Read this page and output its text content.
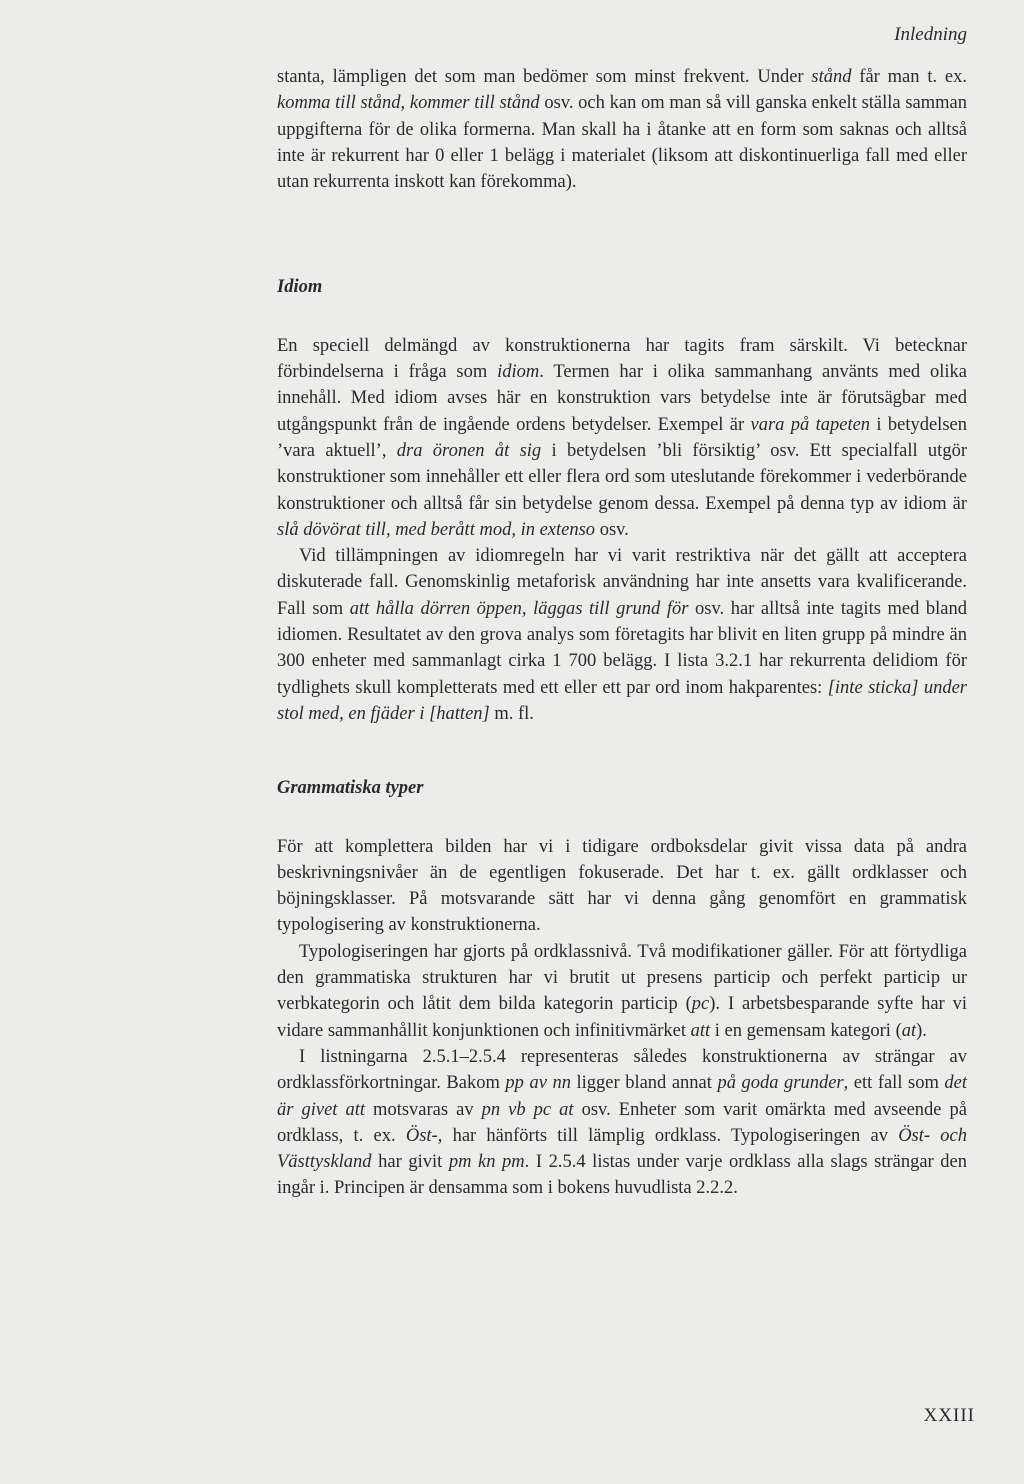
Inledning

stanta, lämpligen det som man bedömer som minst frekvent. Under stånd får man t. ex. komma till stånd, kommer till stånd osv. och kan om man så vill ganska enkelt ställa samman uppgifterna för de olika formerna. Man skall ha i åtanke att en form som saknas och alltså inte är rekurrent har 0 eller 1 belägg i materialet (liksom att diskontinuerliga fall med eller utan rekurrenta inskott kan förekomma).

Idiom

En speciell delmängd av konstruktionerna har tagits fram särskilt. Vi betecknar förbindelserna i fråga som idiom. Termen har i olika sammanhang använts med olika innehåll. Med idiom avses här en konstruktion vars betydelse inte är förutsägbar med utgångspunkt från de ingående ordens betydelser. Exempel är vara på tapeten i betydelsen ’vara aktuell’, dra öronen åt sig i betydelsen ’bli försiktig’ osv. Ett specialfall utgör konstruktioner som innehåller ett eller flera ord som uteslutande förekommer i vederbörande konstruktioner och alltså får sin betydelse genom dessa. Exempel på denna typ av idiom är slå dövörat till, med berått mod, in extenso osv.

Vid tillämpningen av idiomregeln har vi varit restriktiva när det gällt att acceptera diskuterade fall. Genomskinlig metaforisk användning har inte ansetts vara kvalificerande. Fall som att hålla dörren öppen, läggas till grund för osv. har alltså inte tagits med bland idiomen. Resultatet av den grova analys som företagits har blivit en liten grupp på mindre än 300 enheter med sammanlagt cirka 1 700 belägg. I lista 3.2.1 har rekurrenta delidiom för tydlighets skull kompletterats med ett eller ett par ord inom hakparentes: [inte sticka] under stol med, en fjäder i [hatten] m. fl.

Grammatiska typer

För att komplettera bilden har vi i tidigare ordboksdelar givit vissa data på andra beskrivningsnivåer än de egentligen fokuserade. Det har t. ex. gällt ordklasser och böjningsklasser. På motsvarande sätt har vi denna gång genomfört en grammatisk typologisering av konstruktionerna.

Typologiseringen har gjorts på ordklassnivå. Två modifikationer gäller. För att förtydliga den grammatiska strukturen har vi brutit ut presens particip och perfekt particip ur verbkategorin och låtit dem bilda kategorin particip (pc). I arbetsbesparande syfte har vi vidare sammanhållit konjunktionen och infinitivmärket att i en gemensam kategori (at).

I listningarna 2.5.1–2.5.4 representeras således konstruktionerna av strängar av ordklassförkortningar. Bakom pp av nn ligger bland annat på goda grunder, ett fall som det är givet att motsvaras av pn vb pc at osv. Enheter som varit omärkta med avseende på ordklass, t. ex. Öst-, har hänförts till lämplig ordklass. Typologiseringen av Öst- och Västtyskland har givit pm kn pm. I 2.5.4 listas under varje ordklass alla slags strängar den ingår i. Principen är densamma som i bokens huvudlista 2.2.2.

XXIII
